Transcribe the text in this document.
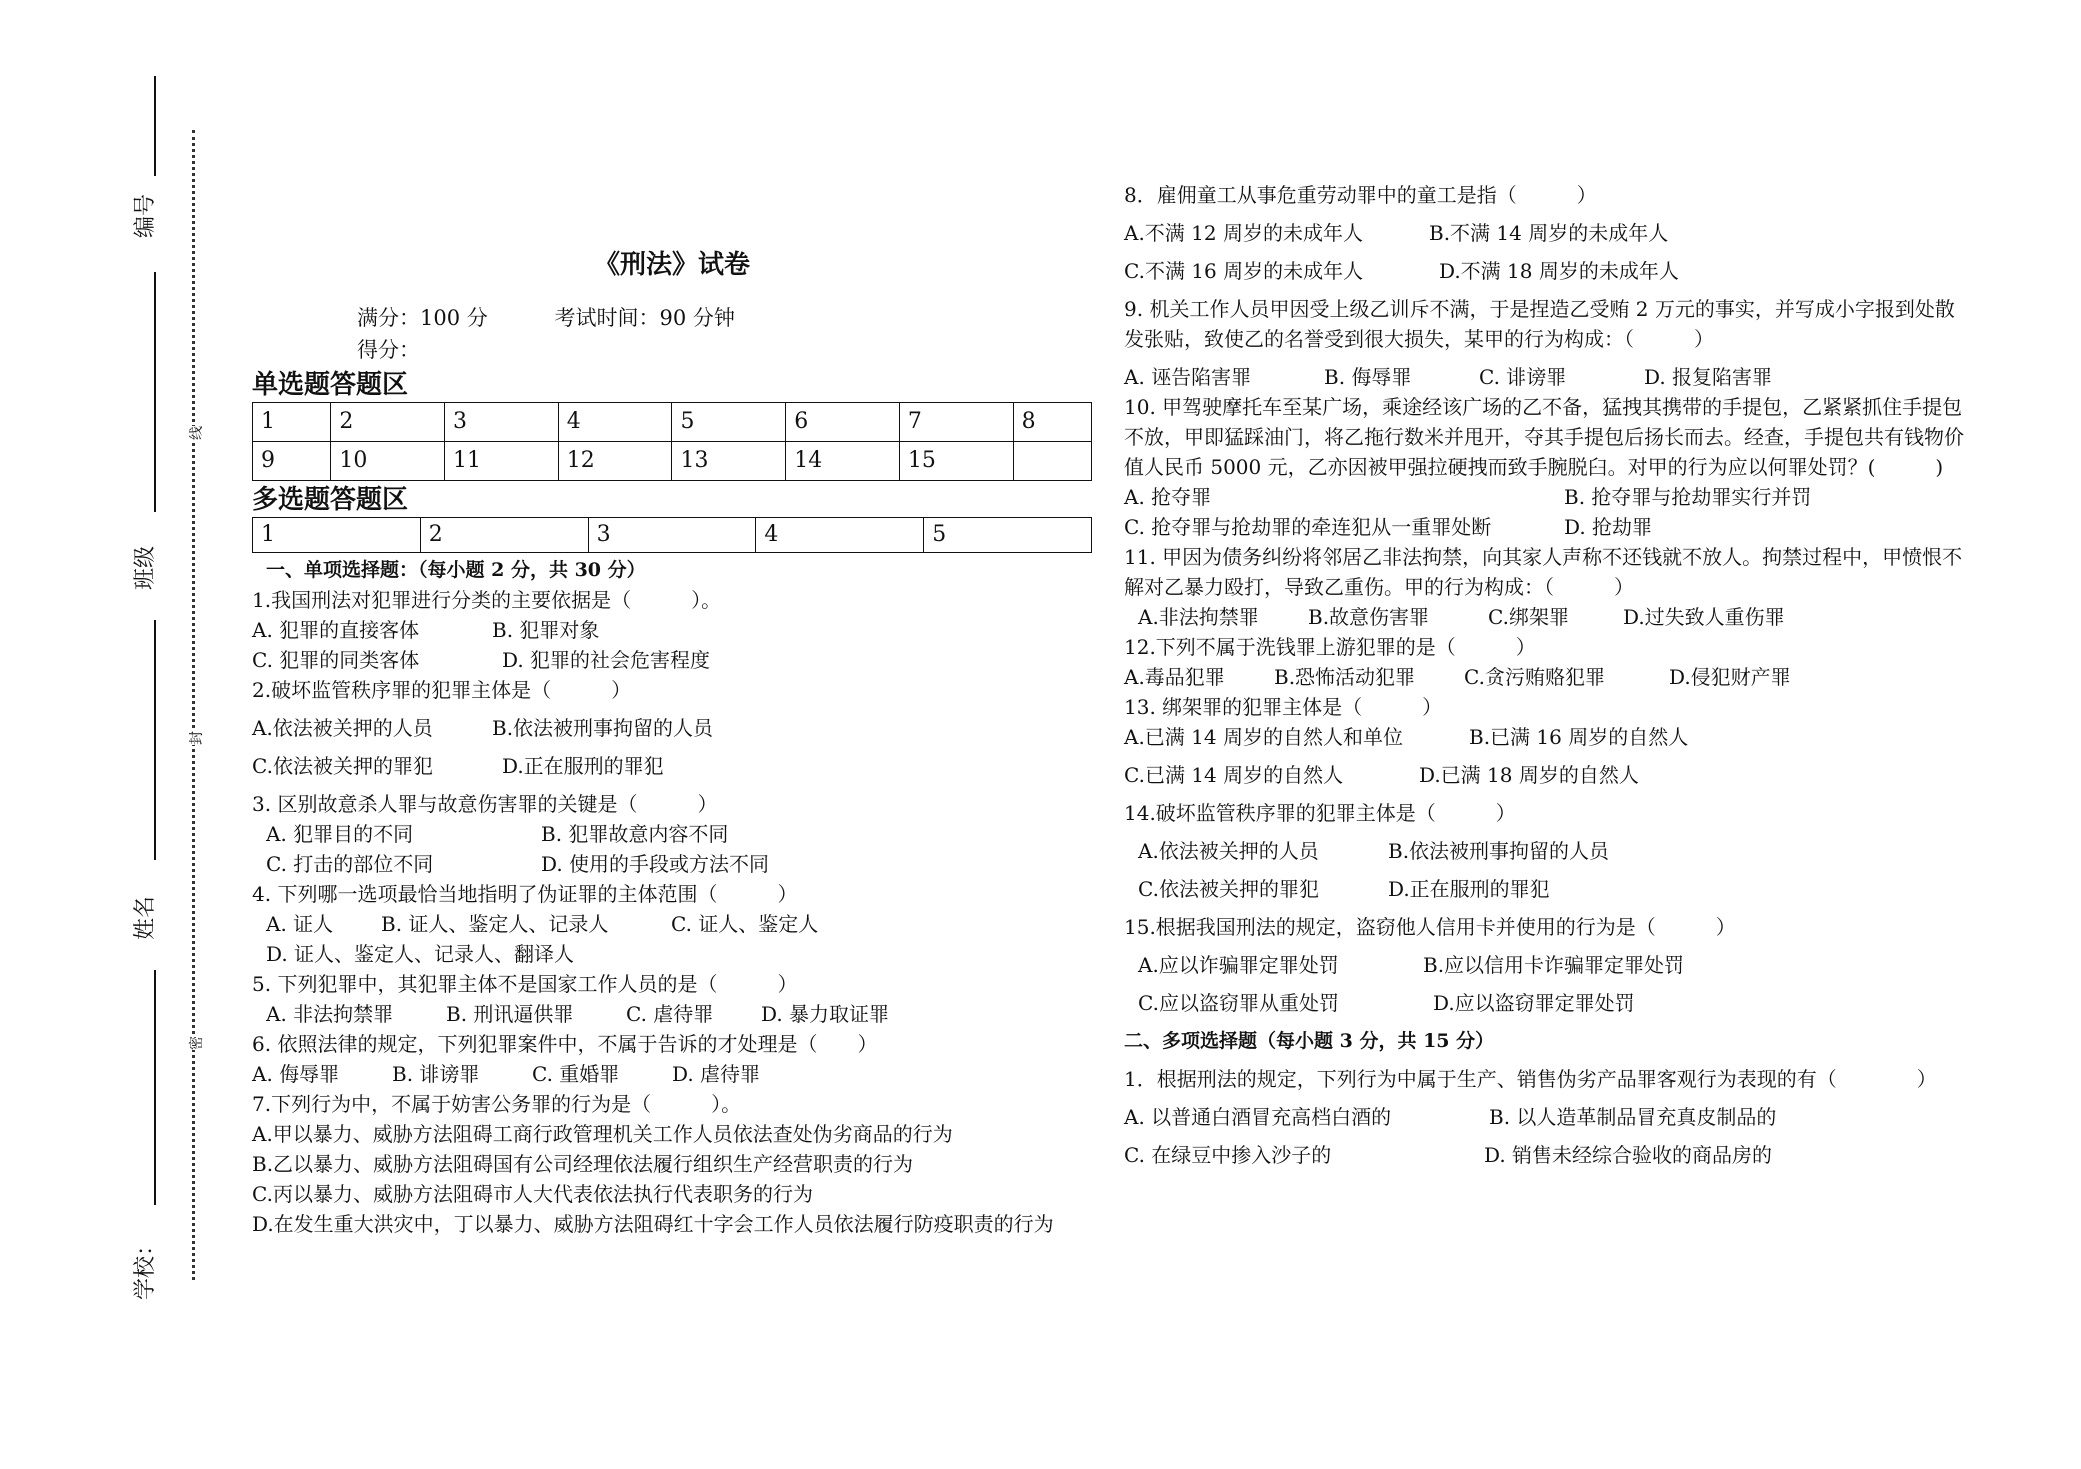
编号
班级
姓名
学校：
线
封
密
《刑法》试卷
满分：100 分	考试时间：90 分钟
得分：
单选题答题区
1	2	3	4	5	6	7	8
9	10	11	12	13	14	15	
多选题答题区
1	2	3	4	5
一、单项选择题：（每小题 2 分，共 30 分）
1.我国刑法对犯罪进行分类的主要依据是（　　　）。
A. 犯罪的直接客体	B. 犯罪对象
C. 犯罪的同类客体	D. 犯罪的社会危害程度
2.破坏监管秩序罪的犯罪主体是（　　　）
A.依法被关押的人员	B.依法被刑事拘留的人员
C.依法被关押的罪犯	D.正在服刑的罪犯
3. 区别故意杀人罪与故意伤害罪的关键是（　　　）
A. 犯罪目的不同	B. 犯罪故意内容不同
C. 打击的部位不同	D. 使用的手段或方法不同
4. 下列哪一选项最恰当地指明了伪证罪的主体范围（　　　）
A. 证人	B. 证人、鉴定人、记录人	C. 证人、鉴定人
D. 证人、鉴定人、记录人、翻译人
5. 下列犯罪中，其犯罪主体不是国家工作人员的是（　　　）
A. 非法拘禁罪	B. 刑讯逼供罪	C. 虐待罪	D. 暴力取证罪
6. 依照法律的规定，下列犯罪案件中，不属于告诉的才处理是（　　）
A. 侮辱罪	B. 诽谤罪	C. 重婚罪	D. 虐待罪
7.下列行为中，不属于妨害公务罪的行为是（　　　）。
A.甲以暴力、威胁方法阻碍工商行政管理机关工作人员依法查处伪劣商品的行为
B.乙以暴力、威胁方法阻碍国有公司经理依法履行组织生产经营职责的行为
C.丙以暴力、威胁方法阻碍市人大代表依法执行代表职务的行为
D.在发生重大洪灾中，丁以暴力、威胁方法阻碍红十字会工作人员依法履行防疫职责的行为
8．雇佣童工从事危重劳动罪中的童工是指（　　　）
A.不满 12 周岁的未成年人	B.不满 14 周岁的未成年人
C.不满 16 周岁的未成年人	D.不满 18 周岁的未成年人
9. 机关工作人员甲因受上级乙训斥不满，于是捏造乙受贿 2 万元的事实，并写成小字报到处散发张贴，致使乙的名誉受到很大损失，某甲的行为构成：（　　　）
A. 诬告陷害罪	B. 侮辱罪	C. 诽谤罪	D. 报复陷害罪
10. 甲驾驶摩托车至某广场，乘途经该广场的乙不备，猛拽其携带的手提包，乙紧紧抓住手提包不放，甲即猛踩油门，将乙拖行数米并甩开，夺其手提包后扬长而去。经查，手提包共有钱物价值人民币 5000 元，乙亦因被甲强拉硬拽而致手腕脱臼。对甲的行为应以何罪处罚？(　　　)
A. 抢夺罪	B. 抢夺罪与抢劫罪实行并罚
C. 抢夺罪与抢劫罪的牵连犯从一重罪处断	D. 抢劫罪
11. 甲因为债务纠纷将邻居乙非法拘禁，向其家人声称不还钱就不放人。拘禁过程中，甲愤恨不解对乙暴力殴打，导致乙重伤。甲的行为构成：（　　　）
A.非法拘禁罪	B.故意伤害罪	C.绑架罪	D.过失致人重伤罪
12.下列不属于洗钱罪上游犯罪的是（　　　）
A.毒品犯罪	B.恐怖活动犯罪	C.贪污贿赂犯罪	D.侵犯财产罪
13. 绑架罪的犯罪主体是（　　　）
A.已满 14 周岁的自然人和单位	B.已满 16 周岁的自然人
C.已满 14 周岁的自然人	D.已满 18 周岁的自然人
14.破坏监管秩序罪的犯罪主体是（　　　）
A.依法被关押的人员	B.依法被刑事拘留的人员
C.依法被关押的罪犯	D.正在服刑的罪犯
15.根据我国刑法的规定，盗窃他人信用卡并使用的行为是（　　　）
A.应以诈骗罪定罪处罚	B.应以信用卡诈骗罪定罪处罚
C.应以盗窃罪从重处罚	D.应以盗窃罪定罪处罚
二、多项选择题（每小题 3 分，共 15 分）
1．根据刑法的规定，下列行为中属于生产、销售伪劣产品罪客观行为表现的有（　　　　）
A. 以普通白酒冒充高档白酒的	B. 以人造革制品冒充真皮制品的
C. 在绿豆中掺入沙子的	D. 销售未经综合验收的商品房的
